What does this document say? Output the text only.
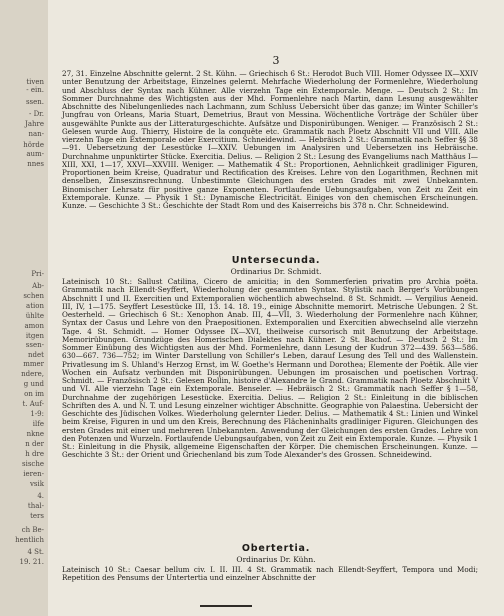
tiven
- ein.
ssen.
- Dr.
Jahre
nan-
hörde
aum-
nnes
Pri-
Ab-
schen
ation
ühlte
amon
itgen
ssen-
ndet
mmer
ndere,
g und
on im
t. Auf-
1-9:
ilfe
nkne
n der
h dre
sische
ieren-
vsik
4.
thal-
ters
ch Be-
hentlich
4 St.
19. 21.
3
27, 31. Einzelne Abschnitte gelernt. 2 St. Kühn. — Griechisch 6 St.: Herodot Buch VIII. Homer Odyssee IX—XXIV unter Benutzung der Arbeitstage, Einzelnes gelernt. Mehrfache Wiederholung der Formenlehre, Wiederholung und Abschluss der Syntax nach Kühner. Alle vierzehn Tage ein Extemporale. Menge. — Deutsch 2 St.: Im Sommer Durchnahme des Wichtigsten aus der Mhd. Formenlehre nach Martin, dann Lesung ausgewählter Abschnitte des Nibelungenliedes nach Lachmann, zum Schluss Uebersicht über das ganze; im Winter Schiller's Jungfrau von Orleans, Maria Stuart, Demetrius, Braut von Messina. Wöchentliche Vorträge der Schüler über ausgewählte Punkte aus der Litteraturgeschichte. Aufsätze und Disponirübungen. Weniger. — Französisch 2 St.: Gelesen wurde Aug. Thierry, Histoire de la conquête etc. Grammatik nach Ploetz Abschnitt VII und VIII. Alle vierzehn Tage ein Extemporale oder Exercitium. Schneidewind. — Hebräisch 2 St.: Grammatik nach Seffer §§ 38—91. Uebersetzung der Lesestücke I—XXIV. Uebungen im Analysiren und Uebersetzen ins Hebräische. Durchnahme unpunktirter Stücke. Exercitia. Delius. — Religion 2 St.: Lesung des Evangeliums nach Matthäus I—XIII, XXI, 1—17, XXVI—XXVIII. Weniger. — Mathematik 4 St.: Proportionen, Aehnlichkeit gradliniger Figuren, Proportionen beim Kreise, Quadratur und Rectification des Kreises. Lehre von den Logarithmen, Rechnen mit denselben, Zinseszinsrechnung. Unbestimmte Gleichungen des ersten Grades mit zwei Unbekannten. Binomischer Lehrsatz für positive ganze Exponenten. Fortlaufende Uebungsaufgaben, von Zeit zu Zeit ein Extemporale. Kunze. — Physik 1 St.: Dynamische Electricität. Einiges von den chemischen Erscheinungen. Kunze. — Geschichte 3 St.: Geschichte der Stadt Rom und des Kaiserreichs bis 378 n. Chr. Schneidewind.
Untersecunda.
Ordinarius Dr. Schmidt.
Lateinisch 10 St.: Sallust Catilina, Cicero de amicitia; in den Sommerferien privatim pro Archia poëta. Grammatik nach Ellendt-Seyffert, Wiederholung der gesammten Syntax. Stylistik nach Berger's Vorübungen Abschnitt I und II. Exercitien und Extemporalien wöchentlich abwechselnd. 8 St. Schmidt. — Vergilius Aeneid. III, IV, 1—175. Seyffert Lesestücke III, 13. 14. 18. 19., einige Abschnitte memorirt. Metrische Uebungen. 2 St. Oesterheld. — Griechisch 6 St.: Xenophon Anab. III, 4—VII, 3. Wiederholung der Formenlehre nach Kühner, Syntax der Casus und Lehre von den Praepositionen. Extemporalien und Exercitien abwechselnd alle vierzehn Tage. 4 St. Schmidt. — Homer Odyssee IX—XVI, theilweise cursorisch mit Benutzung der Arbeitstage. Memorirübungen. Grundzüge des Homerischen Dialektes nach Kühner. 2 St. Bachof. — Deutsch 2 St.: Im Sommer Einübung des Wichtigsten aus der Mhd. Formenlehre, dann Lesung der Kudrun 372—439. 563—586. 630—667. 736—752; im Winter Darstellung von Schiller's Leben, darauf Lesung des Tell und des Wallenstein. Privatlesung im S. Uhland's Herzog Ernst, im W. Goethe's Hermann und Dorothea; Elemente der Poëtik. Alle vier Wochen ein Aufsatz verbunden mit Disponirübungen. Uebungen im prosaischen und poetischen Vortrag. Schmidt. — Französisch 2 St.: Gelesen Rollin, histoire d'Alexandre le Grand. Grammatik nach Ploetz Abschnitt V und VI. Alle vierzehn Tage ein Extemporale. Benseler. — Hebräisch 2 St.: Grammatik nach Seffer § 1—58, Durchnahme der zugehörigen Lesestücke. Exercitia. Delius. — Religion 2 St.: Einleitung in die biblischen Schriften des A. und N. T. und Lesung einzelner wichtiger Abschnitte. Geographie von Palaestina. Uebersicht der Geschichte des Jüdischen Volkes. Wiederholung gelernter Lieder. Delius. — Mathematik 4 St.: Linien und Winkel beim Kreise, Figuren in und um den Kreis, Berechnung des Flächeninhalts gradliniger Figuren. Gleichungen des ersten Grades mit einer und mehreren Unbekannten. Anwendung der Gleichungen des ersten Grades. Lehre von den Potenzen und Wurzeln. Fortlaufende Uebungsaufgaben, von Zeit zu Zeit ein Extemporale. Kunze. — Physik 1 St.: Einleitung in die Physik, allgemeine Eigenschaften der Körper. Die chemischen Erscheinungen. Kunze. — Geschichte 3 St.: der Orient und Griechenland bis zum Tode Alexander's des Grossen. Schneidewind.
Obertertia.
Ordinarius Dr. Kühn.
Lateinisch 10 St.: Caesar bellum civ. I. II. III. 4 St. Grammatik nach Ellendt-Seyffert, Tempora und Modi; Repetition des Pensums der Untertertia und einzelner Abschnitte der
